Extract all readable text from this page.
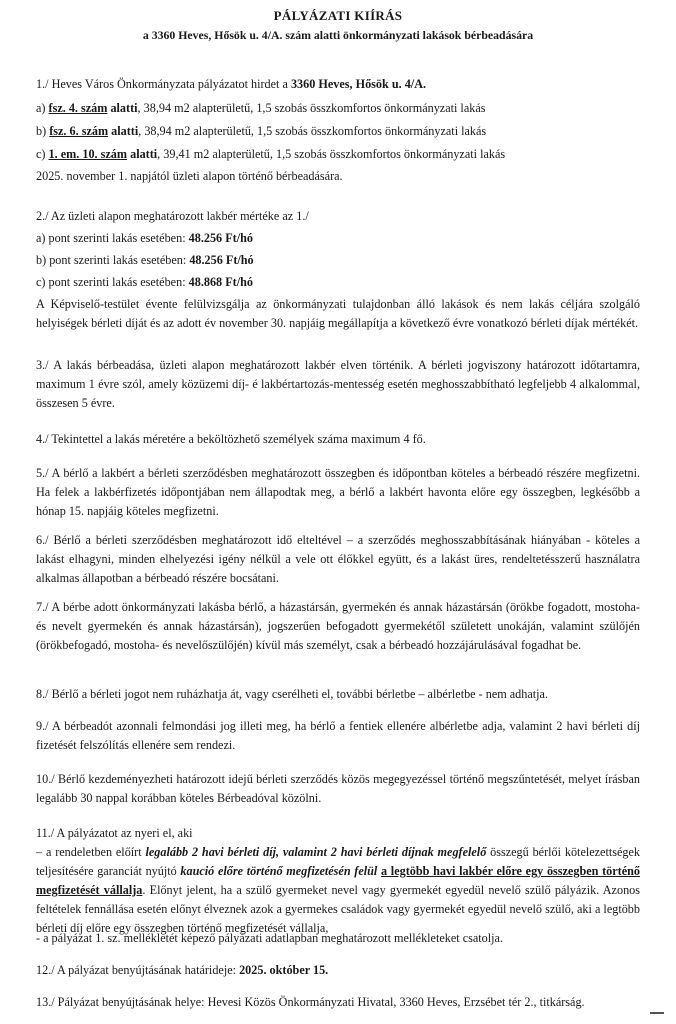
PÁLYÁZATI KIÍRÁS
a 3360 Heves, Hősök u. 4/A. szám alatti önkormányzati lakások bérbeadására
1./ Heves Város Önkormányzata pályázatot hirdet a 3360 Heves, Hősök u. 4/A.
a) fsz. 4. szám alatti, 38,94 m2 alapterületű, 1,5 szobás összkomfortos önkormányzati lakás
b) fsz. 6. szám alatti, 38,94 m2 alapterületű, 1,5 szobás összkomfortos önkormányzati lakás
c) 1. em. 10. szám alatti, 39,41 m2 alapterületű, 1,5 szobás összkomfortos önkormányzati lakás
2025. november 1. napjától üzleti alapon történő bérbeadására.
2./ Az üzleti alapon meghatározott lakbér mértéke az 1./
a) pont szerinti lakás esetében: 48.256 Ft/hó
b) pont szerinti lakás esetében: 48.256 Ft/hó
c) pont szerinti lakás esetében: 48.868 Ft/hó
A Képviselő-testület évente felülvizsgálja az önkormányzati tulajdonban álló lakások és nem lakás céljára szolgáló helyiségek bérleti díját és az adott év november 30. napjáig megállapítja a következő évre vonatkozó bérleti díjak mértékét.
3./ A lakás bérbeadása, üzleti alapon meghatározott lakbér elven történik. A bérleti jogviszony határozott időtartamra, maximum 1 évre szól, amely közüzemi díj- é lakbértartozás-mentesség esetén meghosszabbítható legfeljebb 4 alkalommal, összesen 5 évre.
4./ Tekintettel a lakás méretére a beköltözhető személyek száma maximum 4 fő.
5./ A bérlő a lakbért a bérleti szerződésben meghatározott összegben és időpontban köteles a bérbeadó részére megfizetni. Ha felek a lakbérfizetés időpontjában nem állapodtak meg, a bérlő a lakbért havonta előre egy összegben, legkésőbb a hónap 15. napjáig köteles megfizetni.
6./ Bérlő a bérleti szerződésben meghatározott idő elteltével – a szerződés meghosszabbításának hiányában - köteles a lakást elhagyni, minden elhelyezési igény nélkül a vele ott élőkkel együtt, és a lakást üres, rendeltetésszerű használatra alkalmas állapotban a bérbeadó részére bocsátani.
7./ A bérbe adott önkormányzati lakásba bérlő, a házastársán, gyermekén és annak házastársán (örökbe fogadott, mostoha- és nevelt gyermekén és annak házastársán), jogszerűen befogadott gyermekétől született unokáján, valamint szülőjén (örökbefogadó, mostoha- és nevelőszülőjén) kívül más személyt, csak a bérbeadó hozzájárulásával fogadhat be.
8./ Bérlő a bérleti jogot nem ruházhatja át, vagy cserélheti el, további bérletbe – albérletbe - nem adhatja.
9./ A bérbeadót azonnali felmondási jog illeti meg, ha bérlő a fentiek ellenére albérletbe adja, valamint 2 havi bérleti díj fizetését felszólítás ellenére sem rendezi.
10./ Bérlő kezdeményezheti határozott idejű bérleti szerződés közös megegyezéssel történő megszűntetését, melyet írásban legalább 30 nappal korábban köteles Bérbeadóval közölni.
11./ A pályázatot az nyeri el, aki
– a rendeletben előírt legalább 2 havi bérleti díj, valamint 2 havi bérleti díjnak megfelelő összegű bérlői kötelezettségek teljesítésére garanciát nyújtó kaució előre történő megfizetésén felül a legtöbb havi lakbér előre egy összegben történő megfizetését vállalja. Előnyt jelent, ha a szülő gyermeket nevel vagy gyermekét egyedül nevelő szülő pályázik. Azonos feltételek fennállása esetén előnyt élveznek azok a gyermekes családok vagy gyermekét egyedül nevelő szülő, aki a legtöbb bérleti díj előre egy összegben történő megfizetését vállalja,
- a pályázat 1. sz. mellékletét képező pályázati adatlapban meghatározott mellékleteket csatolja.
12./ A pályázat benyújtásának határideje: 2025. október 15.
13./ Pályázat benyújtásának helye: Hevesi Közös Önkormányzati Hivatal, 3360 Heves, Erzsébet tér 2., titkárság.
